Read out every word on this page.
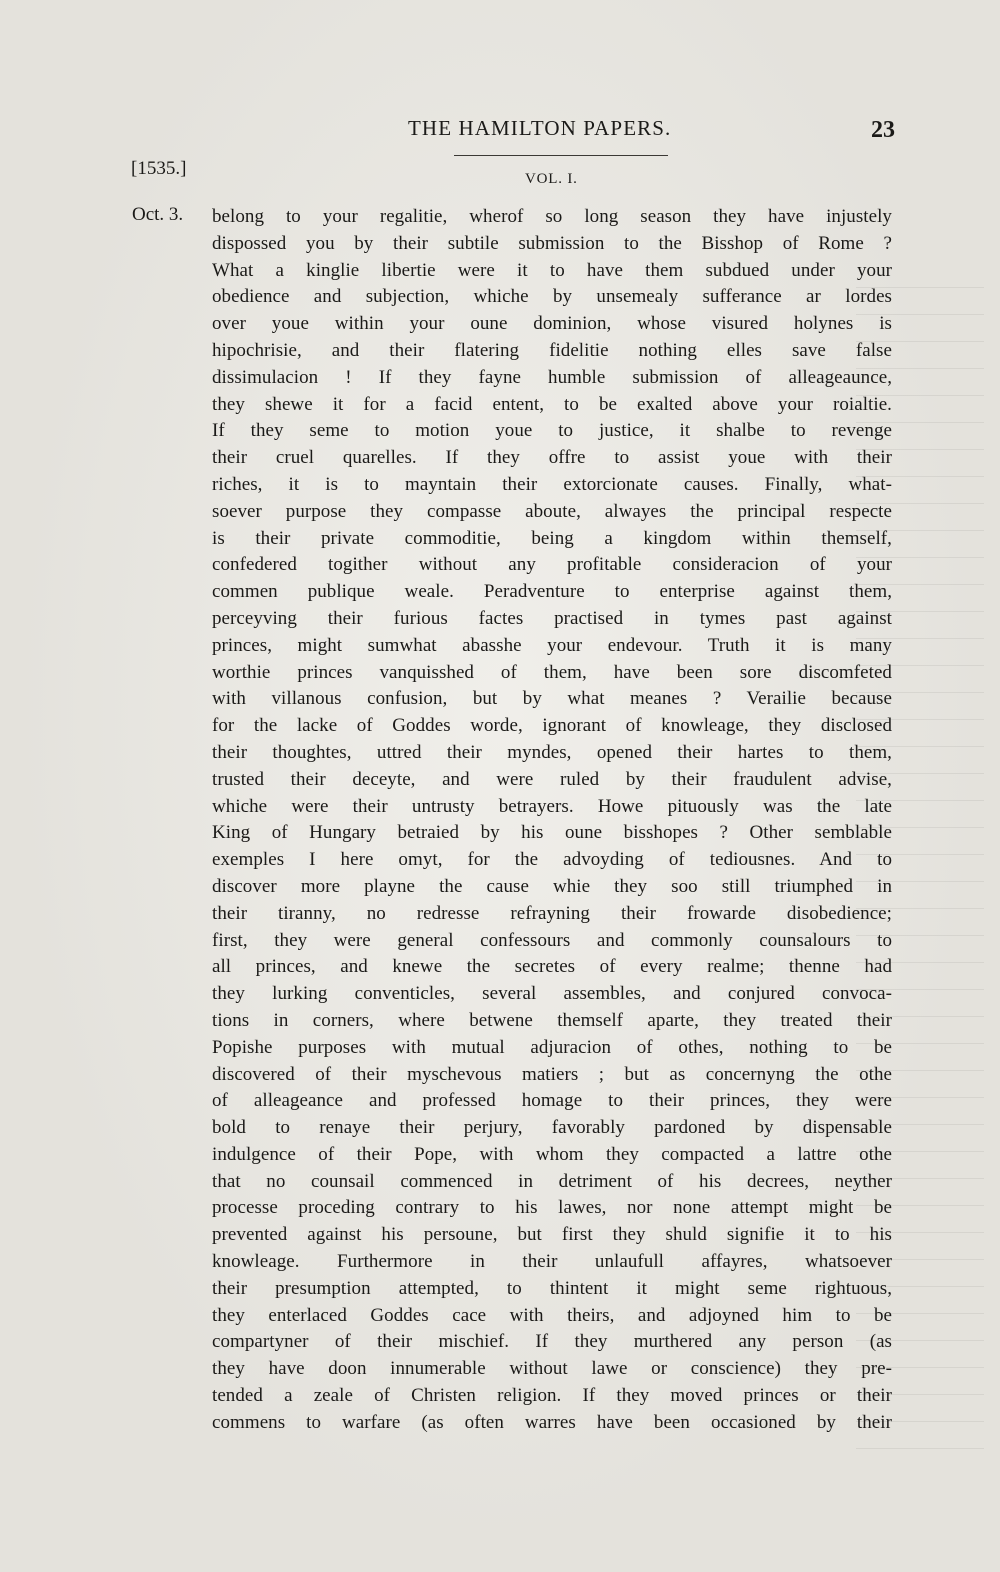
THE HAMILTON PAPERS.	23
[1535.]	VOL. I.
Oct. 3. belong to your regalitie, wherof so long season they have injustely
dispossed you by their subtile submission to the Bisshop of Rome ?
What a kinglie libertie were it to have them subdued under your
obedience and subjection, whiche by unsemealy sufferance ar lordes
over youe within your oune dominion, whose visured holynes is
hipochrisie, and their flatering fidelitie nothing elles save false
dissimulacion ! If they fayne humble submission of alleageaunce,
they shewe it for a facid entent, to be exalted above your roialtie.
If they seme to motion youe to justice, it shalbe to revenge
their cruel quarelles. If they offre to assist youe with their
riches, it is to mayntain their extorcionate causes. Finally, what-
soever purpose they compasse aboute, alwayes the principal respecte
is their private commoditie, being a kingdom within themself,
confedered togither without any profitable consideracion of your
commen publique weale. Peradventure to enterprise against them,
perceyving their furious factes practised in tymes past against
princes, might sumwhat abasshe your endevour. Truth it is many
worthie princes vanquisshed of them, have been sore discomfeted
with villanous confusion, but by what meanes ? Verailie because
for the lacke of Goddes worde, ignorant of knowleage, they disclosed
their thoughtes, uttred their myndes, opened their hartes to them,
trusted their deceyte, and were ruled by their fraudulent advise,
whiche were their untrusty betrayers. Howe pituously was the late
King of Hungary betraied by his oune bisshopes ? Other semblable
exemples I here omyt, for the advoyding of tediousnes. And to
discover more playne the cause whie they soo still triumphed in
their tiranny, no redresse refrayning their frowarde disobedience;
first, they were general confessours and commonly counsalours to
all princes, and knewe the secretes of every realme; thenne had
they lurking conventicles, several assembles, and conjured convoca-
tions in corners, where betwene themself aparte, they treated their
Popishe purposes with mutual adjuracion of othes, nothing to be
discovered of their myschevous matiers ; but as concernyng the othe
of alleageance and professed homage to their princes, they were
bold to renaye their perjury, favorably pardoned by dispensable
indulgence of their Pope, with whom they compacted a lattre othe
that no counsail commenced in detriment of his decrees, neyther
processe proceding contrary to his lawes, nor none attempt might be
prevented against his persoune, but first they shuld signifie it to his
knowleage. Furthermore in their unlaufull affayres, whatsoever
their presumption attempted, to thintent it might seme rightuous,
they enterlaced Goddes cace with theirs, and adjoyned him to be
compartyner of their mischief. If they murthered any person (as
they have doon innumerable without lawe or conscience) they pre-
tended a zeale of Christen religion. If they moved princes or their
commens to warfare (as often warres have been occasioned by their
